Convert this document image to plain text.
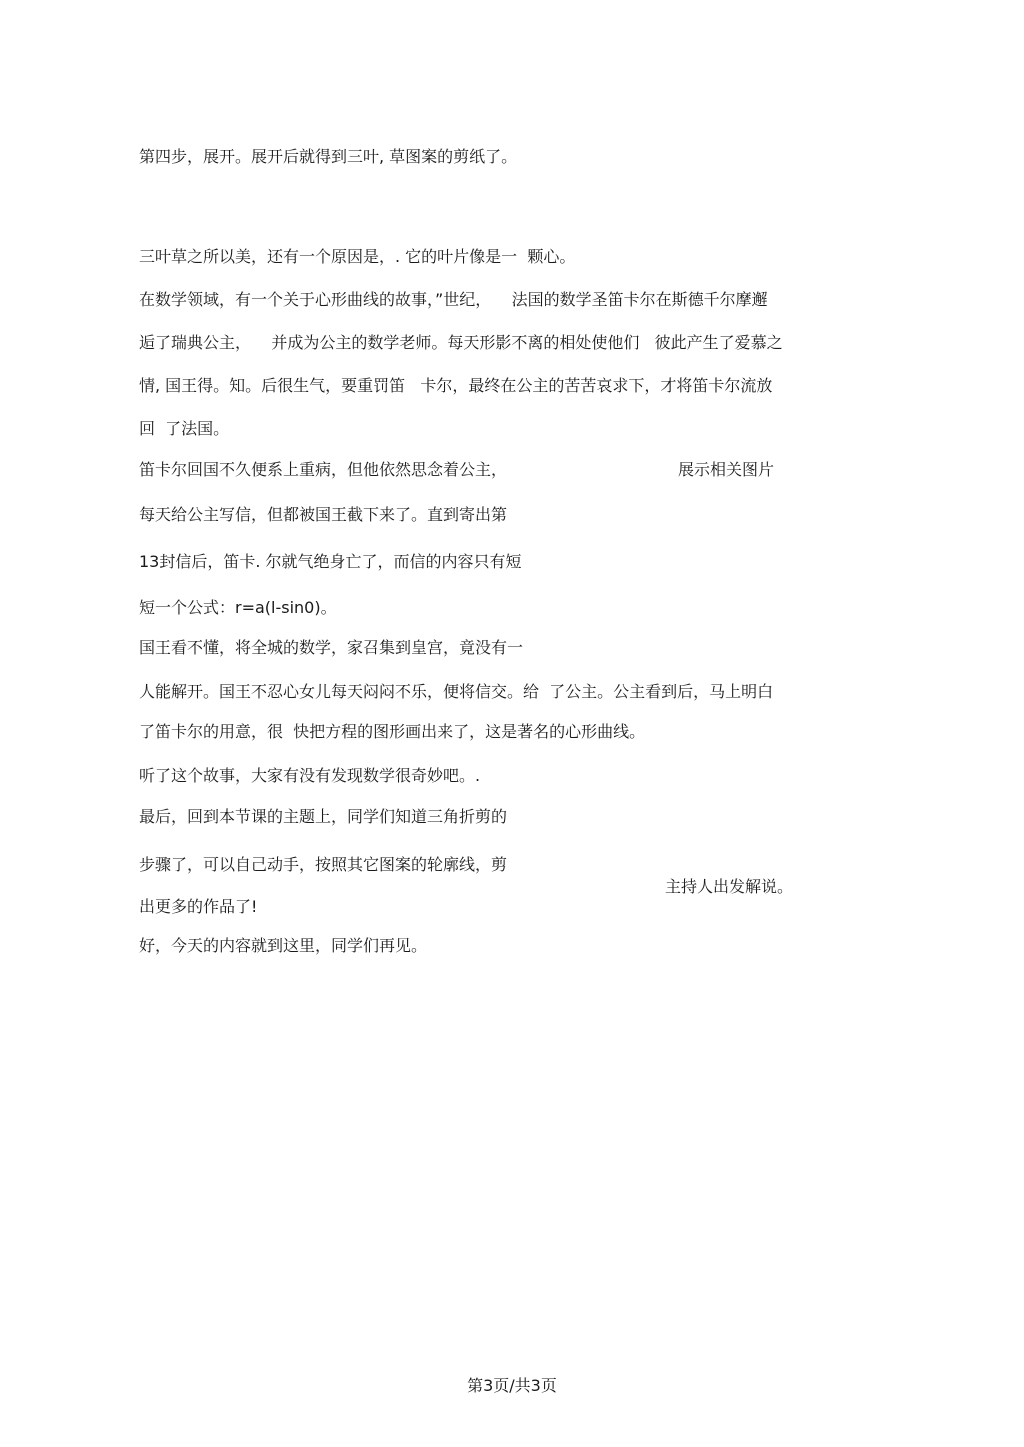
第四步，展开。展开后就得到三叶, 草图案的剪纸了。

三叶草之所以美，还有一个原因是，. 它的叶片像是一  颗心。

在数学领域，有一个关于心形曲线的故事，”世纪，    法国的数学圣笛卡尔在斯德千尔摩邂

逅了瑞典公主，    并成为公主的数学老师。每天形影不离的相处使他们   彼此产生了爱慕之

情, 国王得。知。后很生气，要重罚笛   卡尔，最终在公主的苦苦哀求下，才将笛卡尔流放

回  了法国。

笛卡尔回国不久便系上重病，但他依然思念着公主，	展示相关图片

每天给公主写信，但都被国王截下来了。直到寄出第

13封信后，笛卡. 尔就气绝身亡了，而信的内容只有短

短一个公式：r=a(l-sin0)。

国王看不懂，将全城的数学，家召集到皇宫，竟没有一

人能解开。国王不忍心女儿每天闷闷不乐，便将信交。给  了公主。公主看到后，马上明白

了笛卡尔的用意，很  快把方程的图形画出来了，这是著名的心形曲线。

听了这个故事，大家有没有发现数学很奇妙吧。.

最后，回到本节课的主题上，同学们知道三角折剪的

步骤了，可以自己动手，按照其它图案的轮廓线，剪

主持人出发解说。

出更多的作品了!

好，今天的内容就到这里，同学们再见。

第3页/共3页
